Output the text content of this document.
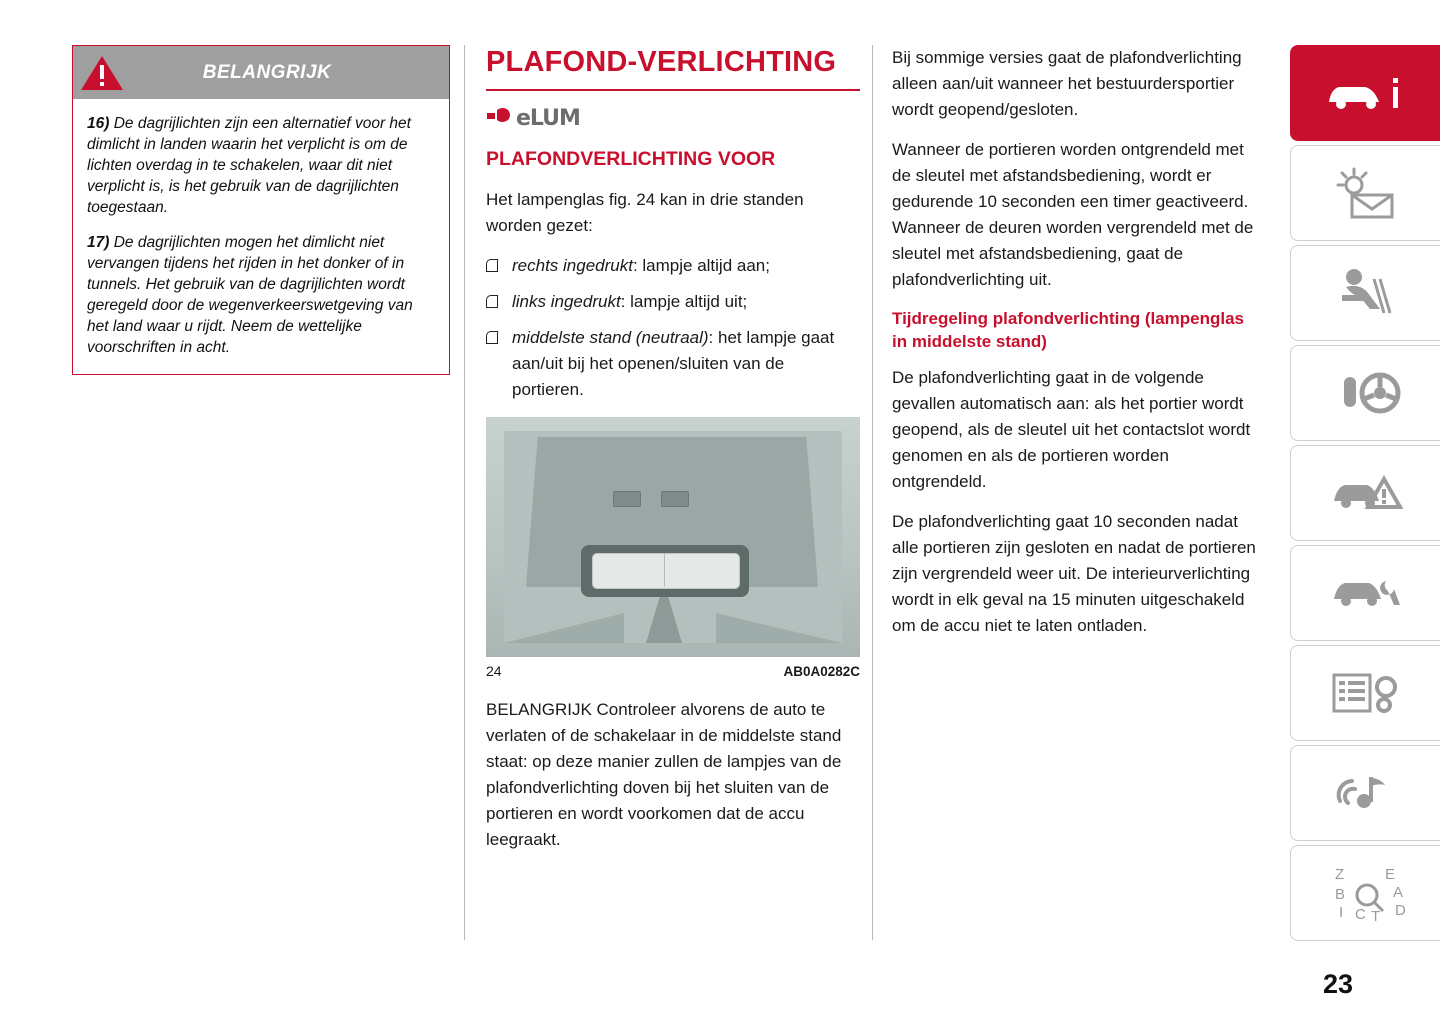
BELANGRIJK

16) De dagrijlichten zijn een alternatief voor het dimlicht in landen waarin het verplicht is om de lichten overdag in te schakelen, waar dit niet verplicht is, is het gebruik van de dagrijlichten toegestaan.

17) De dagrijlichten mogen het dimlicht niet vervangen tijdens het rijden in het donker of in tunnels. Het gebruik van de dagrijlichten wordt geregeld door de wegenverkeerswetgeving van het land waar u rijdt. Neem de wettelijke voorschriften in acht.

PLAFOND-VERLICHTING
eLUM
PLAFONDVERLICHTING VOOR

Het lampenglas fig. 24 kan in drie standen worden gezet:

rechts ingedrukt: lampje altijd aan;
links ingedrukt: lampje altijd uit;
middelste stand (neutraal): het lampje gaat aan/uit bij het openen/sluiten van de portieren.
24	AB0A0282C

BELANGRIJK Controleer alvorens de auto te verlaten of de schakelaar in de middelste stand staat: op deze manier zullen de lampjes van de plafondverlichting doven bij het sluiten van de portieren en wordt voorkomen dat de accu leegraakt.

Bij sommige versies gaat de plafondverlichting alleen aan/uit wanneer het bestuurdersportier wordt geopend/gesloten.

Wanneer de portieren worden ontgrendeld met de sleutel met afstandsbediening, wordt er gedurende 10 seconden een timer geactiveerd. Wanneer de deuren worden vergrendeld met de sleutel met afstandsbediening, gaat de plafondverlichting uit.

Tijdregeling plafondverlichting (lampenglas in middelste stand)

De plafondverlichting gaat in de volgende gevallen automatisch aan: als het portier wordt geopend, als de sleutel uit het contactslot wordt genomen en als de portieren worden ontgrendeld.

De plafondverlichting gaat 10 seconden nadat alle portieren zijn gesloten en nadat de portieren zijn vergrendeld weer uit. De interieurverlichting wordt in elk geval na 15 minuten uitgeschakeld om de accu niet te laten ontladen.

Z
B
I C T
E
A
D
23
